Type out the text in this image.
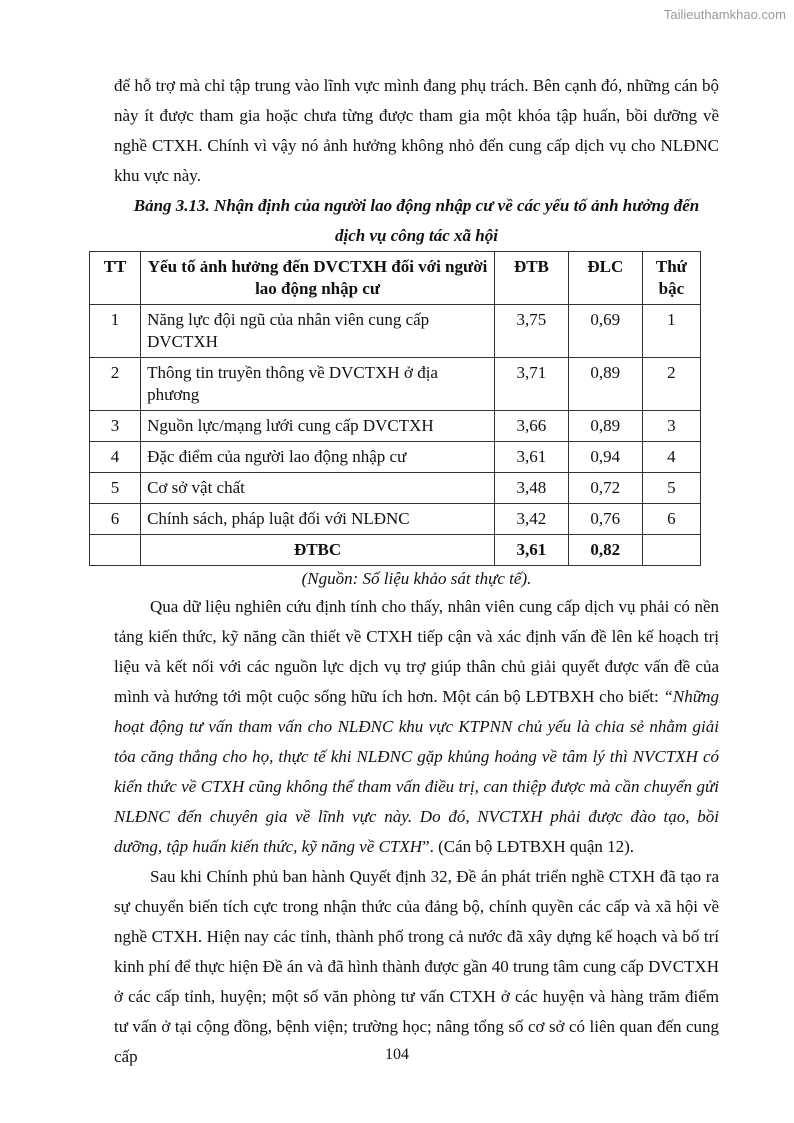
Tailieuthamkhao.com

để hỗ trợ mà chỉ tập trung vào lĩnh vực mình đang phụ trách. Bên cạnh đó, những cán bộ này ít được tham gia hoặc chưa từng được tham gia một khóa tập huấn, bồi dưỡng về nghề CTXH. Chính vì vậy nó ảnh hưởng không nhỏ đến cung cấp dịch vụ cho NLĐNC khu vực này.

Bảng 3.13. Nhận định của người lao động nhập cư về các yếu tố ảnh hưởng đến
dịch vụ công tác xã hội

TT	Yếu tố ảnh hưởng đến DVCTXH đối với người lao động nhập cư	ĐTB	ĐLC	Thứ bậc
1	Năng lực đội ngũ của nhân viên cung cấp DVCTXH	3,75	0,69	1
2	Thông tin truyền thông về DVCTXH ở địa phương	3,71	0,89	2
3	Nguồn lực/mạng lưới cung cấp DVCTXH	3,66	0,89	3
4	Đặc điểm của người lao động nhập cư	3,61	0,94	4
5	Cơ sở vật chất	3,48	0,72	5
6	Chính sách, pháp luật đối với NLĐNC	3,42	0,76	6
	ĐTBC	3,61	0,82	

(Nguồn: Số liệu khảo sát thực tế).

Qua dữ liệu nghiên cứu định tính cho thấy, nhân viên cung cấp dịch vụ phải có nền tảng kiến thức, kỹ năng cần thiết về CTXH tiếp cận và xác định vấn đề lên kế hoạch trị liệu và kết nối với các nguồn lực dịch vụ trợ giúp thân chủ giải quyết được vấn đề của mình và hướng tới một cuộc sống hữu ích hơn. Một cán bộ LĐTBXH cho biết: “Những hoạt động tư vấn tham vấn cho NLĐNC khu vực KTPNN chủ yếu là chia sẻ nhằm giải tỏa căng thẳng cho họ, thực tế khi NLĐNC gặp khủng hoảng về tâm lý thì NVCTXH có kiến thức về CTXH cũng không thể tham vấn điều trị, can thiệp được mà cần chuyển gửi NLĐNC đến chuyên gia về lĩnh vực này. Do đó, NVCTXH phải được đào tạo, bồi dưỡng, tập huấn kiến thức, kỹ năng về CTXH”. (Cán bộ LĐTBXH quận 12).

Sau khi Chính phủ ban hành Quyết định 32, Đề án phát triển nghề CTXH đã tạo ra sự chuyển biến tích cực trong nhận thức của đảng bộ, chính quyền các cấp và xã hội về nghề CTXH. Hiện nay các tỉnh, thành phố trong cả nước đã xây dựng kế hoạch và bố trí kinh phí để thực hiện Đề án và đã hình thành được gần 40 trung tâm cung cấp DVCTXH ở các cấp tỉnh, huyện; một số văn phòng tư vấn CTXH ở các huyện và hàng trăm điểm tư vấn ở tại cộng đồng, bệnh viện; trường học; nâng tổng số cơ sở có liên quan đến cung cấp	104
